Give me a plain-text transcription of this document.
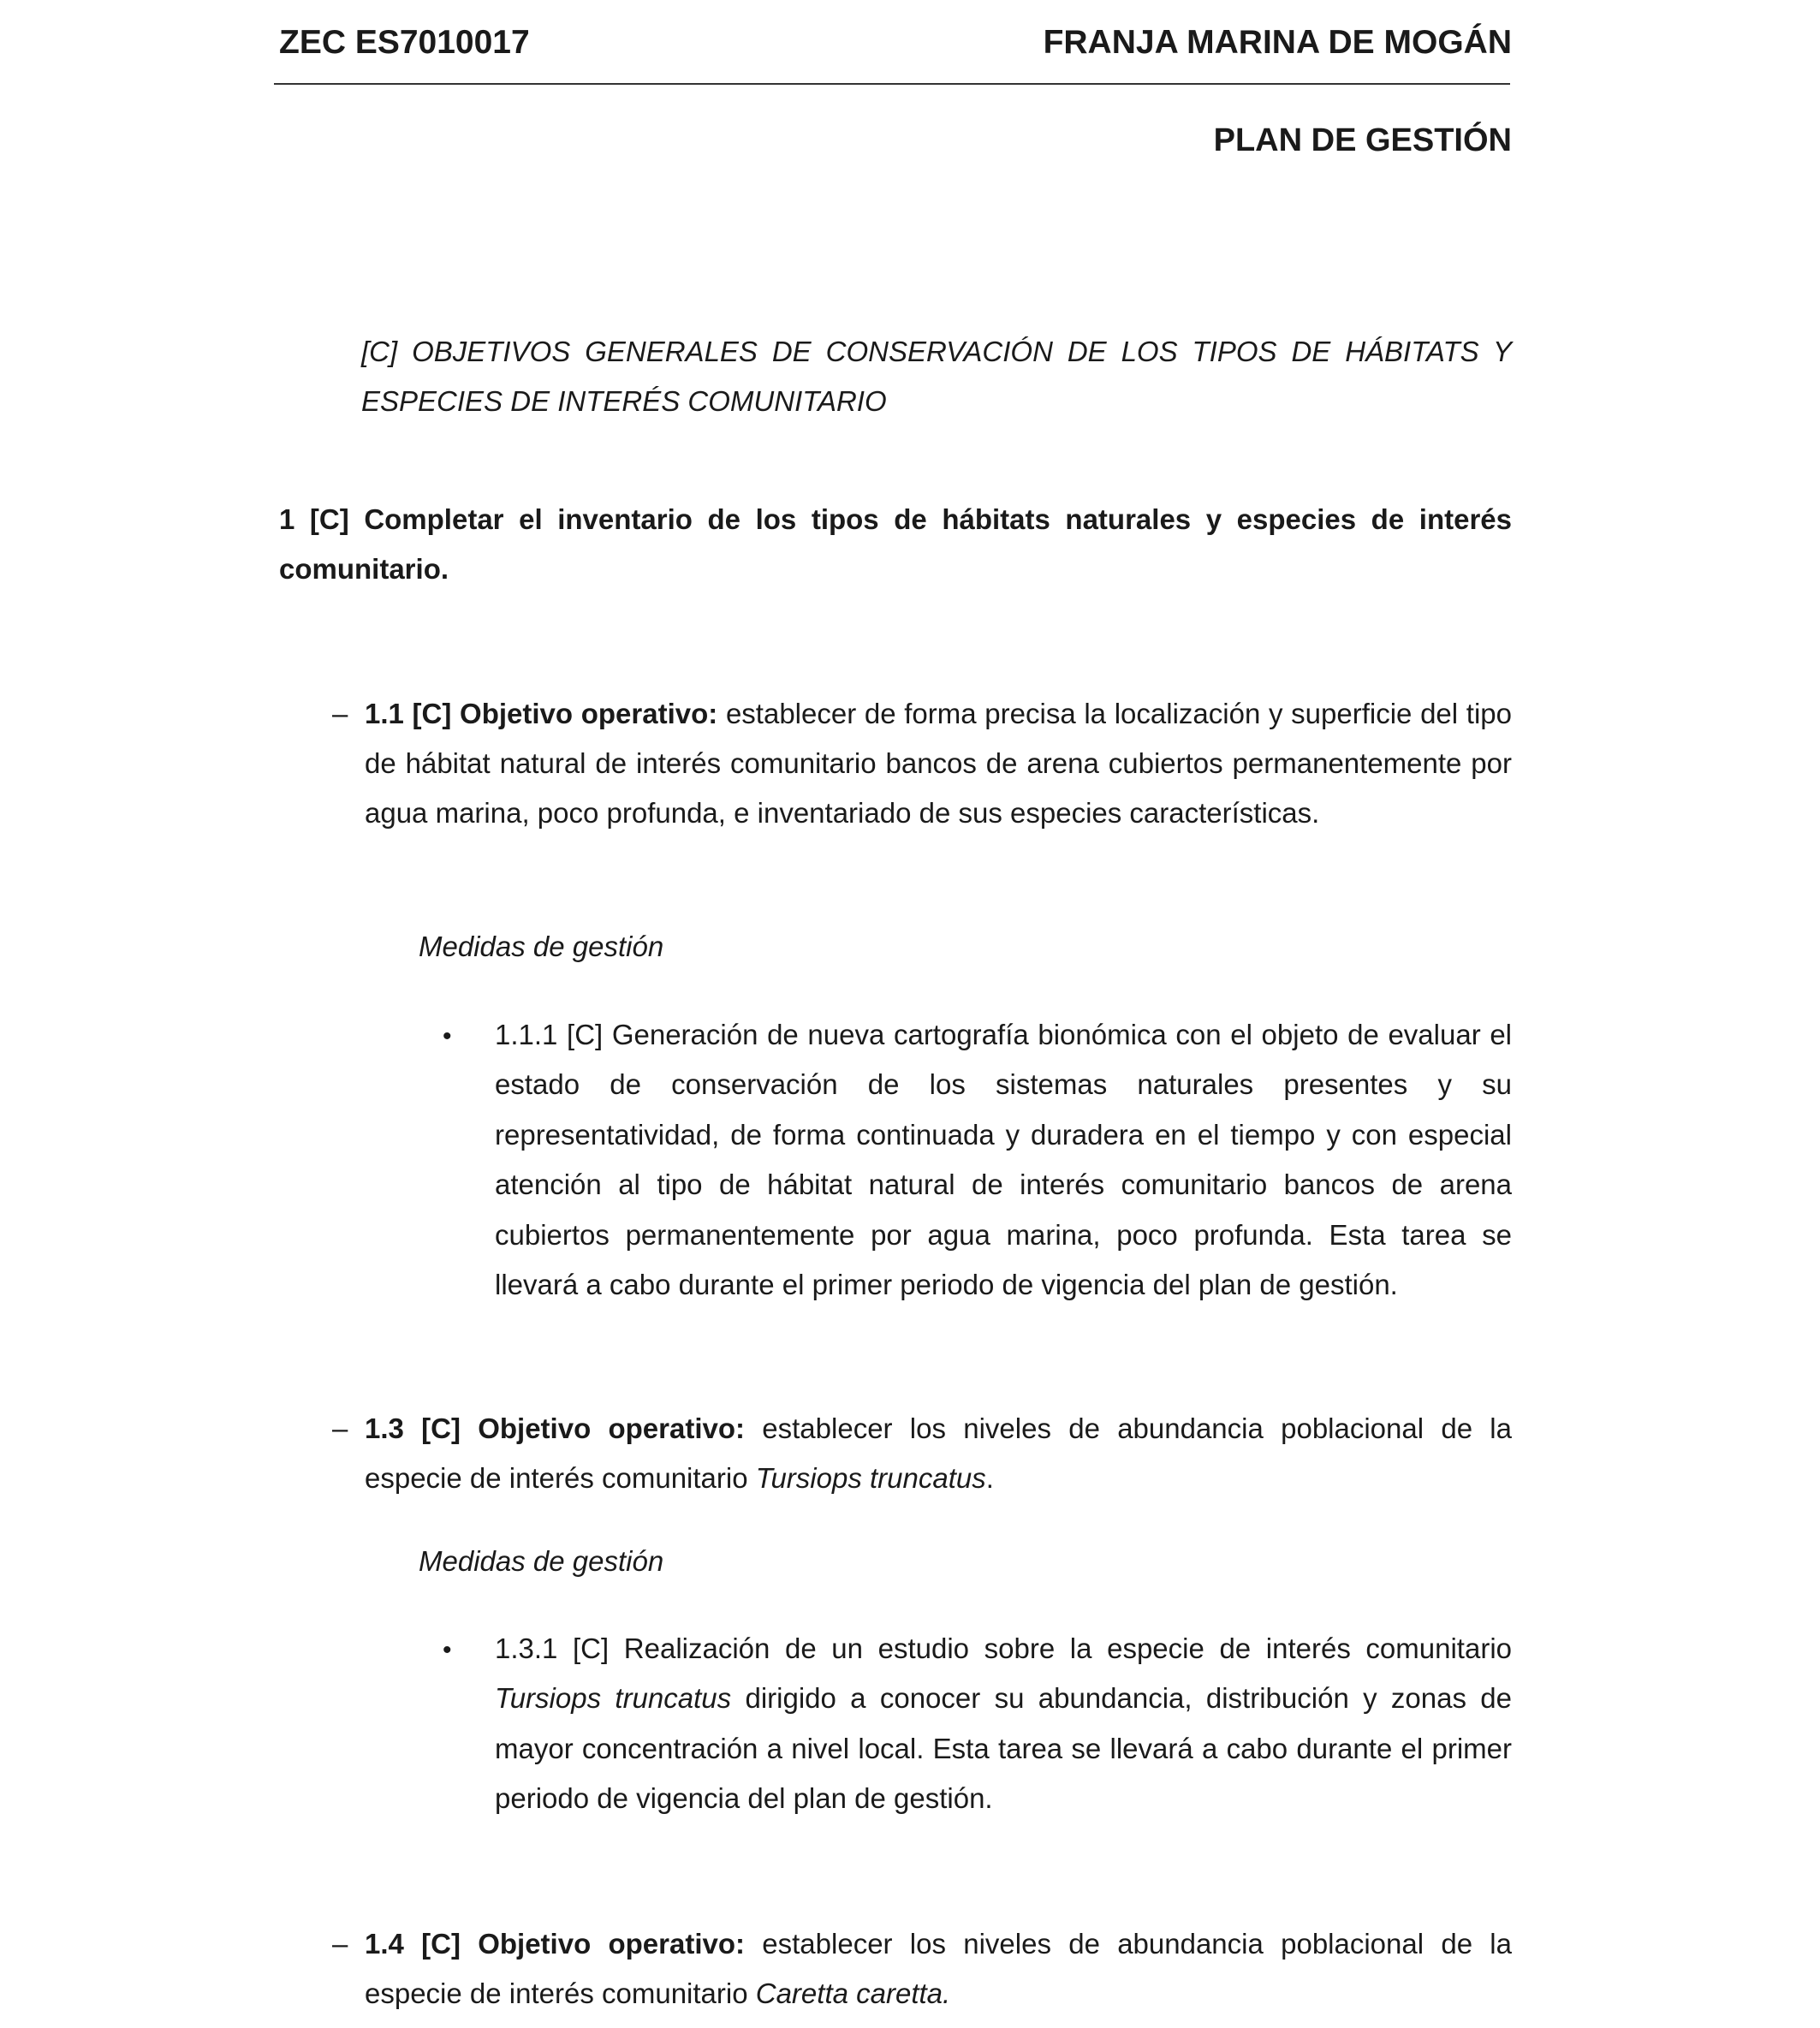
ZEC ES7010017	FRANJA MARINA DE MOGÁN
PLAN DE GESTIÓN

[C] OBJETIVOS GENERALES DE CONSERVACIÓN DE LOS TIPOS DE HÁBITATS Y ESPECIES DE INTERÉS COMUNITARIO

1 [C] Completar el inventario de los tipos de hábitats naturales y especies de interés comunitario.

– 1.1 [C] Objetivo operativo: establecer de forma precisa la localización y superficie del tipo de hábitat natural de interés comunitario bancos de arena cubiertos permanentemente por agua marina, poco profunda, e inventariado de sus especies características.

Medidas de gestión
• 1.1.1 [C] Generación de nueva cartografía bionómica con el objeto de evaluar el estado de conservación de los sistemas naturales presentes y su representatividad, de forma continuada y duradera en el tiempo y con especial atención al tipo de hábitat natural de interés comunitario bancos de arena cubiertos permanentemente por agua marina, poco profunda. Esta tarea se llevará a cabo durante el primer periodo de vigencia del plan de gestión.

– 1.3 [C] Objetivo operativo: establecer los niveles de abundancia poblacional de la especie de interés comunitario Tursiops truncatus.

Medidas de gestión
• 1.3.1 [C] Realización de un estudio sobre la especie de interés comunitario Tursiops truncatus dirigido a conocer su abundancia, distribución y zonas de mayor concentración a nivel local. Esta tarea se llevará a cabo durante el primer periodo de vigencia del plan de gestión.

– 1.4 [C] Objetivo operativo: establecer los niveles de abundancia poblacional de la especie de interés comunitario Caretta caretta.
